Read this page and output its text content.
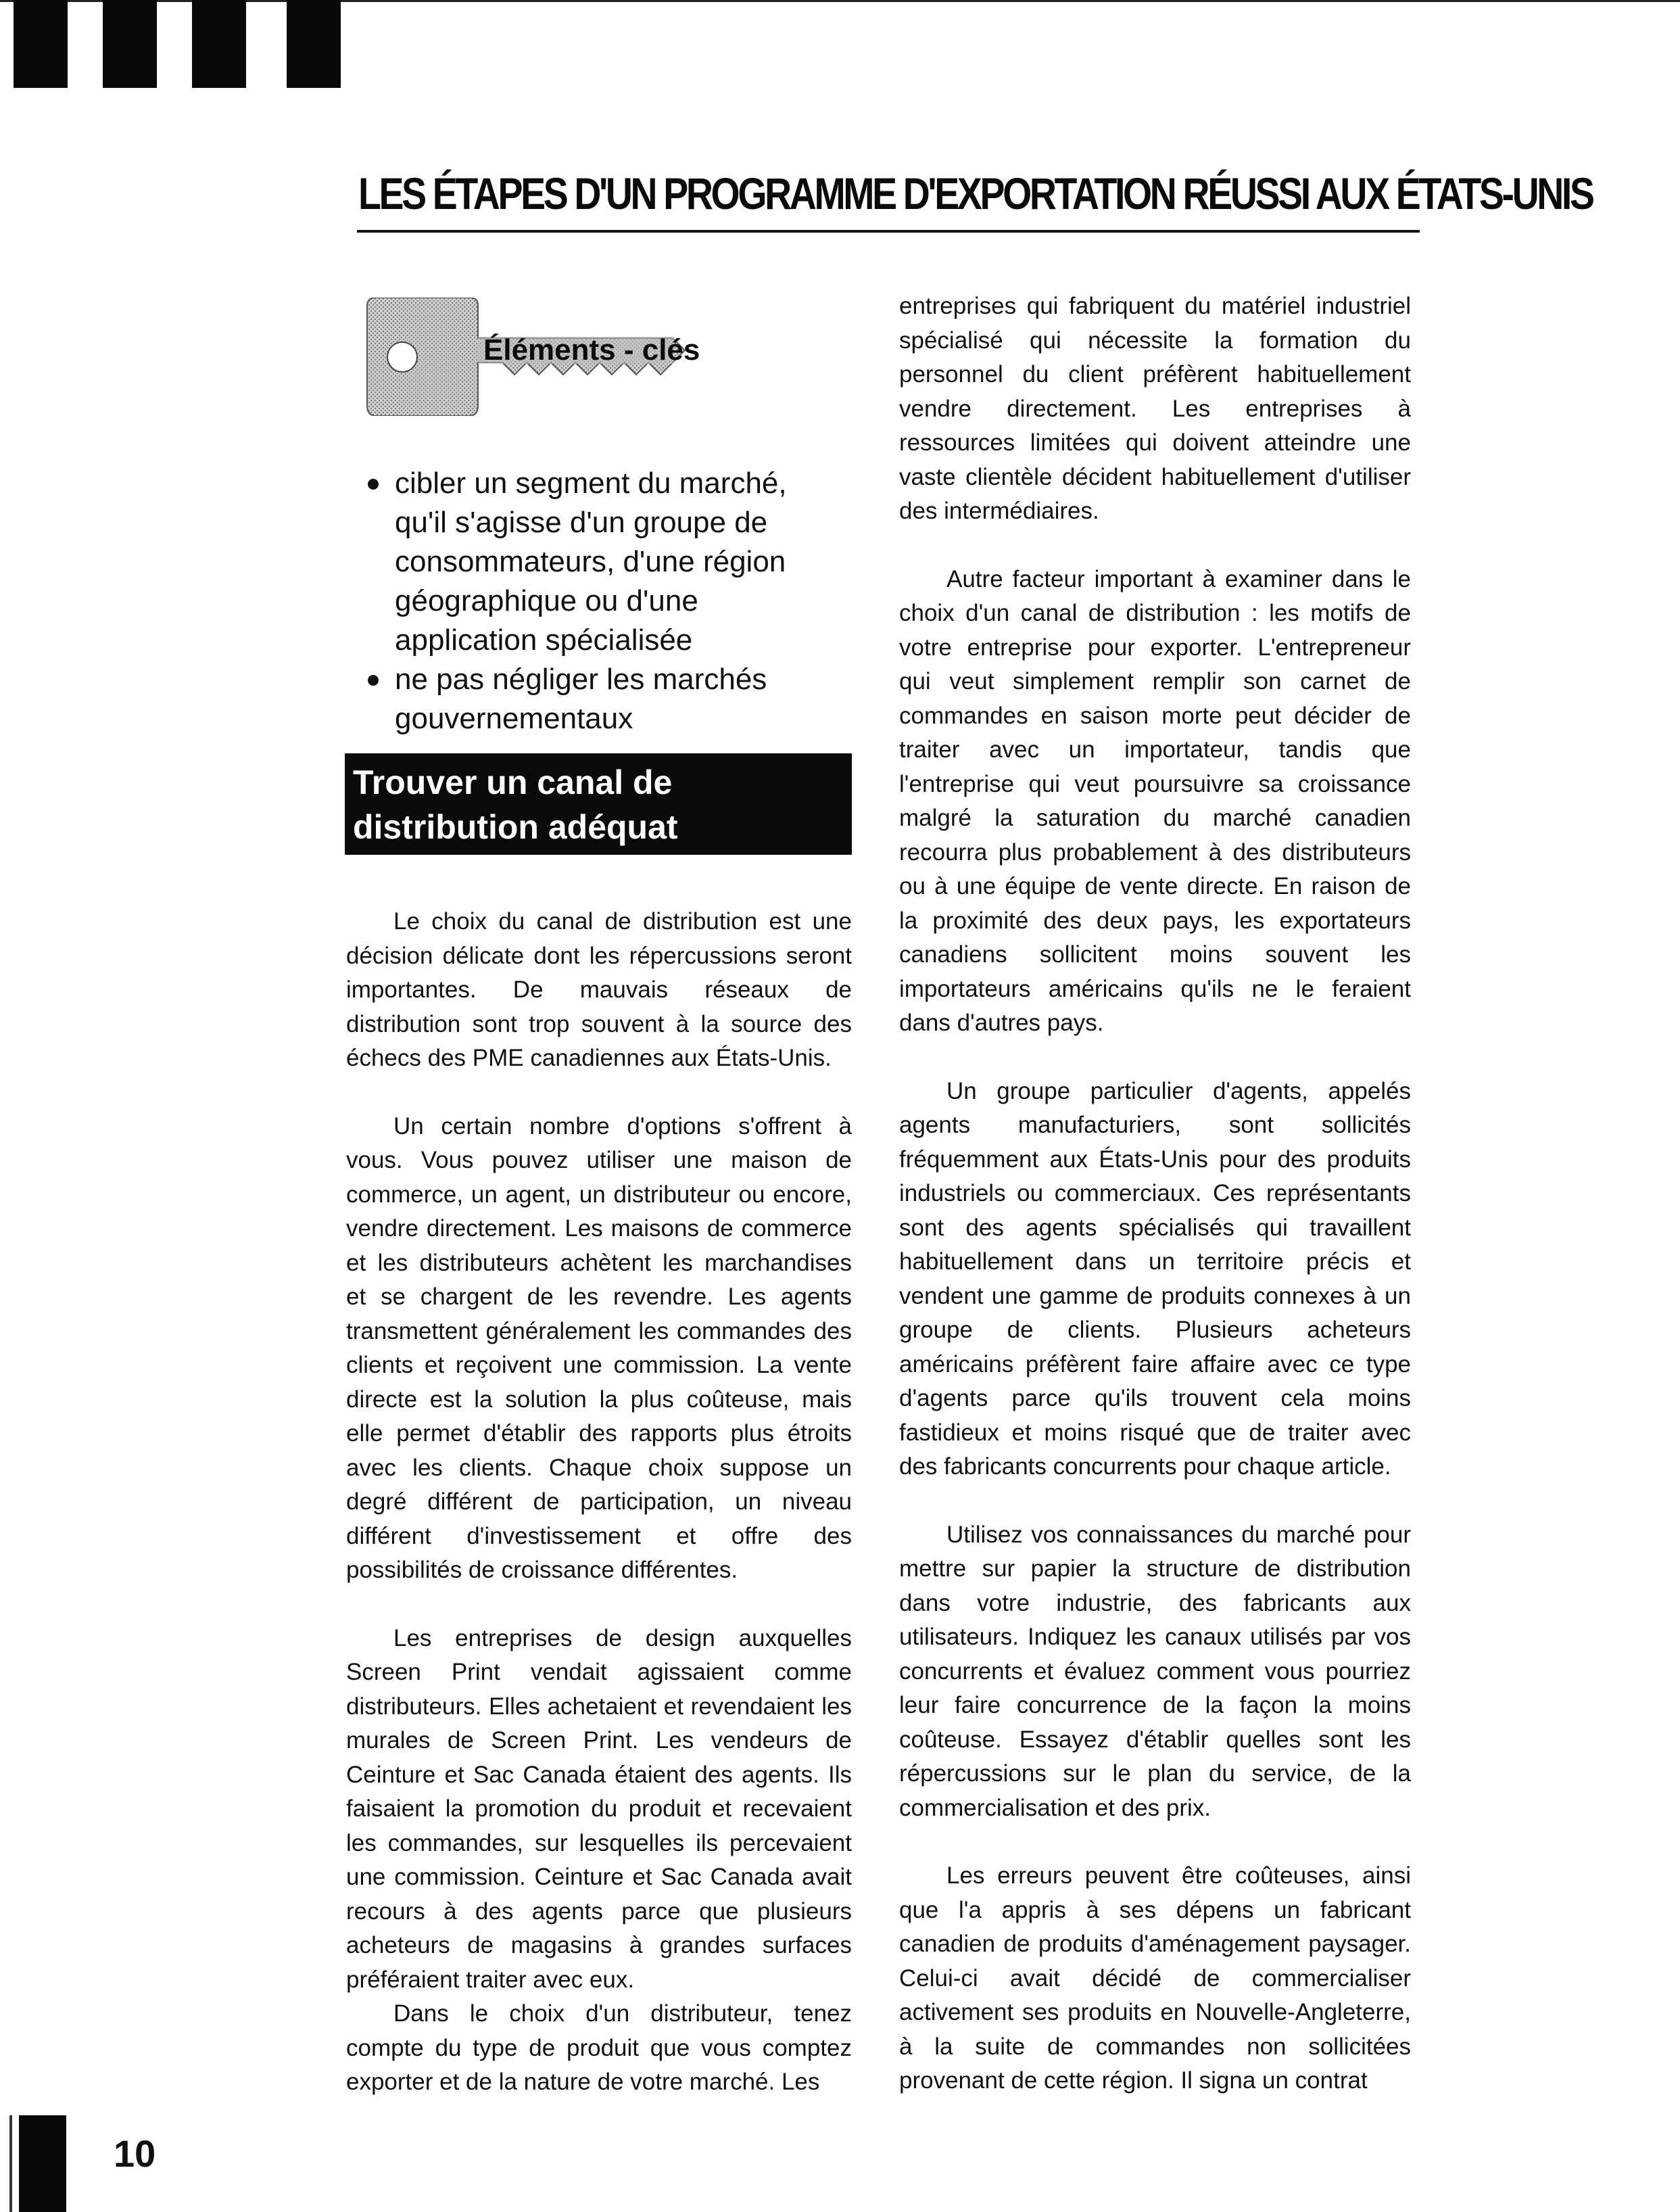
LES ÉTAPES D'UN PROGRAMME D'EXPORTATION RÉUSSI AUX ÉTATS-UNIS
Éléments - clés
cibler un segment du marché, qu'il s'agisse d'un groupe de consommateurs, d'une région géographique ou d'une application spécialisée
ne pas négliger les marchés gouvernementaux
Trouver un canal de distribution adéquat

Le choix du canal de distribution est une décision délicate dont les répercussions seront importantes. De mauvais réseaux de distribution sont trop souvent à la source des échecs des PME canadiennes aux États-Unis.

Un certain nombre d'options s'offrent à vous. Vous pouvez utiliser une maison de commerce, un agent, un distributeur ou encore, vendre directement. Les maisons de commerce et les distributeurs achètent les marchandises et se chargent de les revendre. Les agents transmettent généralement les commandes des clients et reçoivent une commission. La vente directe est la solution la plus coûteuse, mais elle permet d'établir des rapports plus étroits avec les clients. Chaque choix suppose un degré différent de participation, un niveau différent d'investissement et offre des possibilités de croissance différentes.

Les entreprises de design auxquelles Screen Print vendait agissaient comme distributeurs. Elles achetaient et revendaient les murales de Screen Print. Les vendeurs de Ceinture et Sac Canada étaient des agents. Ils faisaient la promotion du produit et recevaient les commandes, sur lesquelles ils percevaient une commission. Ceinture et Sac Canada avait recours à des agents parce que plusieurs acheteurs de magasins à grandes surfaces préféraient traiter avec eux.

Dans le choix d'un distributeur, tenez compte du type de produit que vous comptez exporter et de la nature de votre marché. Les

entreprises qui fabriquent du matériel industriel spécialisé qui nécessite la formation du personnel du client préfèrent habituellement vendre directement. Les entreprises à ressources limitées qui doivent atteindre une vaste clientèle décident habituellement d'utiliser des intermédiaires.

Autre facteur important à examiner dans le choix d'un canal de distribution : les motifs de votre entreprise pour exporter. L'entrepreneur qui veut simplement remplir son carnet de commandes en saison morte peut décider de traiter avec un importateur, tandis que l'entreprise qui veut poursuivre sa croissance malgré la saturation du marché canadien recourra plus probablement à des distributeurs ou à une équipe de vente directe. En raison de la proximité des deux pays, les exportateurs canadiens sollicitent moins souvent les importateurs américains qu'ils ne le feraient dans d'autres pays.

Un groupe particulier d'agents, appelés agents manufacturiers, sont sollicités fréquemment aux États-Unis pour des produits industriels ou commerciaux. Ces représentants sont des agents spécialisés qui travaillent habituellement dans un territoire précis et vendent une gamme de produits connexes à un groupe de clients. Plusieurs acheteurs américains préfèrent faire affaire avec ce type d'agents parce qu'ils trouvent cela moins fastidieux et moins risqué que de traiter avec des fabricants concurrents pour chaque article.

Utilisez vos connaissances du marché pour mettre sur papier la structure de distribution dans votre industrie, des fabricants aux utilisateurs. Indiquez les canaux utilisés par vos concurrents et évaluez comment vous pourriez leur faire concurrence de la façon la moins coûteuse. Essayez d'établir quelles sont les répercussions sur le plan du service, de la commercialisation et des prix.

Les erreurs peuvent être coûteuses, ainsi que l'a appris à ses dépens un fabricant canadien de produits d'aménagement paysager. Celui-ci avait décidé de commercialiser activement ses produits en Nouvelle-Angleterre, à la suite de commandes non sollicitées provenant de cette région. Il signa un contrat

10
